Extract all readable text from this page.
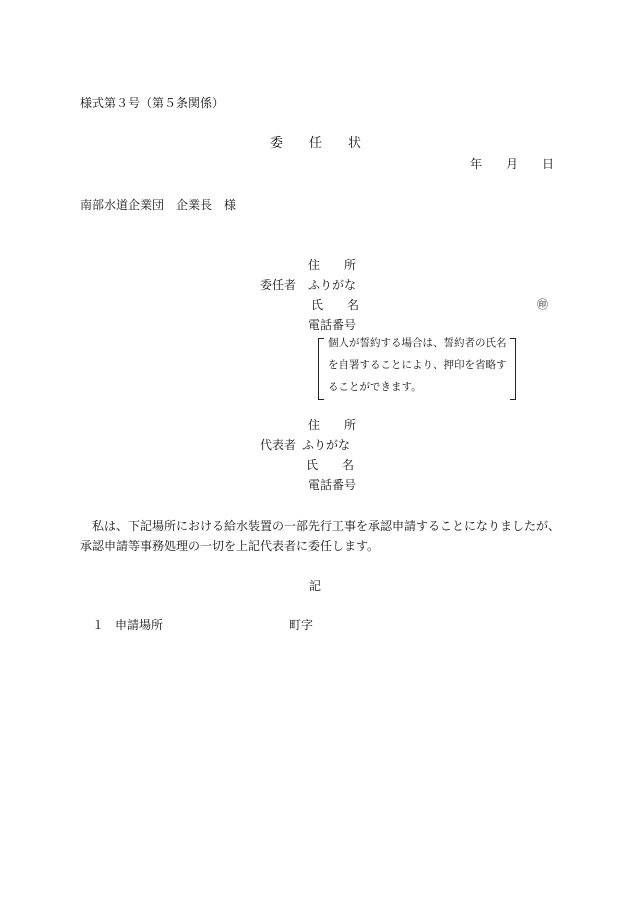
様式第３号（第５条関係）
委　　任　　状
年　　月　　日
南部水道企業団　企業長　様
住　　所
委任者 ふりがな
氏　　名	㊞
電話番号
個人が誓約する場合は、誓約者の氏名
を自署することにより、押印を省略す
ることができます。
住　　所
代表者 ふりがな
氏　　名
電話番号
私は、下記場所における給水装置の一部先行工事を承認申請することになりましたが、
承認申請等事務処理の一切を上記代表者に委任します。
記
１ 申請場所	町字
